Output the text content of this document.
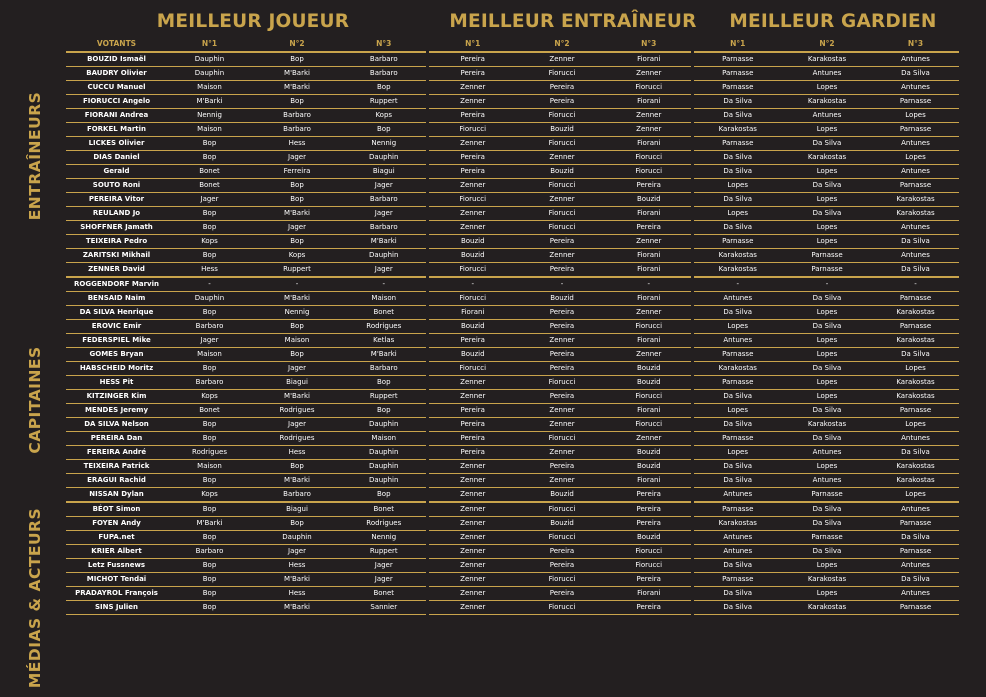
MEILLEUR JOUEUR	MEILLEUR ENTRAÎNEUR MEILLEUR GARDIEN
ENTRAÎNEURS
CAPITAINES
MÉDIAS & ACTEURS
VOTANTS	N°1	N°2	N°3	N°1	N°2	N°3	N°1	N°2	N°3
BOUZID Ismaël	Dauphin	Bop	Barbaro	Pereira	Zenner	Fiorani	Parnasse	Karakostas	Antunes
BAUDRY Olivier	Dauphin	M'Barki	Barbaro	Pereira	Fiorucci	Zenner	Parnasse	Antunes	Da Silva
CUCCU Manuel	Maison	M'Barki	Bop	Zenner	Pereira	Fiorucci	Parnasse	Lopes	Antunes
FIORUCCI Angelo	M'Barki	Bop	Ruppert	Zenner	Pereira	Fiorani	Da Silva	Karakostas	Parnasse
FIORANI Andrea	Nennig	Barbaro	Kops	Pereira	Fiorucci	Zenner	Da Silva	Antunes	Lopes
FORKEL Martin	Maison	Barbaro	Bop	Fiorucci	Bouzid	Zenner	Karakostas	Lopes	Parnasse
LICKES Olivier	Bop	Hess	Nennig	Zenner	Fiorucci	Fiorani	Parnasse	Da Silva	Antunes
DIAS Daniel	Bop	Jager	Dauphin	Pereira	Zenner	Fiorucci	Da Silva	Karakostas	Lopes
Gerald	Bonet	Ferreira	Biagui	Pereira	Bouzid	Fiorucci	Da Silva	Lopes	Antunes
SOUTO Roni	Bonet	Bop	Jager	Zenner	Fiorucci	Pereira	Lopes	Da Silva	Parnasse
PEREIRA Vitor	Jager	Bop	Barbaro	Fiorucci	Zenner	Bouzid	Da Silva	Lopes	Karakostas
REULAND Jo	Bop	M'Barki	Jager	Zenner	Fiorucci	Fiorani	Lopes	Da Silva	Karakostas
SHOFFNER Jamath	Bop	Jager	Barbaro	Zenner	Fiorucci	Pereira	Da Silva	Lopes	Antunes
TEIXEIRA Pedro	Kops	Bop	M'Barki	Bouzid	Pereira	Zenner	Parnasse	Lopes	Da Silva
ZARITSKI Mikhail	Bop	Kops	Dauphin	Bouzid	Zenner	Fiorani	Karakostas	Parnasse	Antunes
ZENNER David	Hess	Ruppert	Jager	Fiorucci	Pereira	Fiorani	Karakostas	Parnasse	Da Silva
ROGGENDORF Marvin	-	-	-	-	-	-	-	-	-
BENSAID Naim	Dauphin	M'Barki	Maison	Fiorucci	Bouzid	Fiorani	Antunes	Da Silva	Parnasse
DA SILVA Henrique	Bop	Nennig	Bonet	Fiorani	Pereira	Zenner	Da Silva	Lopes	Karakostas
EROVIC Emir	Barbaro	Bop	Rodrigues	Bouzid	Pereira	Fiorucci	Lopes	Da Silva	Parnasse
FEDERSPIEL Mike	Jager	Maison	Ketlas	Pereira	Zenner	Fiorani	Antunes	Lopes	Karakostas
GOMES Bryan	Maison	Bop	M'Barki	Bouzid	Pereira	Zenner	Parnasse	Lopes	Da Silva
HABSCHEID Moritz	Bop	Jager	Barbaro	Fiorucci	Pereira	Bouzid	Karakostas	Da Silva	Lopes
HESS Pit	Barbaro	Biagui	Bop	Zenner	Fiorucci	Bouzid	Parnasse	Lopes	Karakostas
KITZINGER Kim	Kops	M'Barki	Ruppert	Zenner	Pereira	Fiorucci	Da Silva	Lopes	Karakostas
MENDES Jeremy	Bonet	Rodrigues	Bop	Pereira	Zenner	Fiorani	Lopes	Da Silva	Parnasse
DA SILVA Nelson	Bop	Jager	Dauphin	Pereira	Zenner	Fiorucci	Da Silva	Karakostas	Lopes
PEREIRA Dan	Bop	Rodrigues	Maison	Pereira	Fiorucci	Zenner	Parnasse	Da Silva	Antunes
FEREIRA André	Rodrigues	Hess	Dauphin	Pereira	Zenner	Bouzid	Lopes	Antunes	Da Silva
TEIXEIRA Patrick	Maison	Bop	Dauphin	Zenner	Pereira	Bouzid	Da Silva	Lopes	Karakostas
ERAGUI Rachid	Bop	M'Barki	Dauphin	Zenner	Zenner	Fiorani	Da Silva	Antunes	Karakostas
NISSAN Dylan	Kops	Barbaro	Bop	Zenner	Bouzid	Pereira	Antunes	Parnasse	Lopes
BÉOT Simon	Bop	Biagui	Bonet	Zenner	Fiorucci	Pereira	Parnasse	Da Silva	Antunes
FOYEN Andy	M'Barki	Bop	Rodrigues	Zenner	Bouzid	Pereira	Karakostas	Da Silva	Parnasse
FUPA.net	Bop	Dauphin	Nennig	Zenner	Fiorucci	Bouzid	Antunes	Parnasse	Da Silva
KRIER Albert	Barbaro	Jager	Ruppert	Zenner	Pereira	Fiorucci	Antunes	Da Silva	Parnasse
Letz Fussnews	Bop	Hess	Jager	Zenner	Pereira	Fiorucci	Da Silva	Lopes	Antunes
MICHOT Tendaï	Bop	M'Barki	Jager	Zenner	Fiorucci	Pereira	Parnasse	Karakostas	Da Silva
PRADAYROL François	Bop	Hess	Bonet	Zenner	Pereira	Fiorani	Da Silva	Lopes	Antunes
SINS Julien	Bop	M'Barki	Sannier	Zenner	Fiorucci	Pereira	Da Silva	Karakostas	Parnasse
